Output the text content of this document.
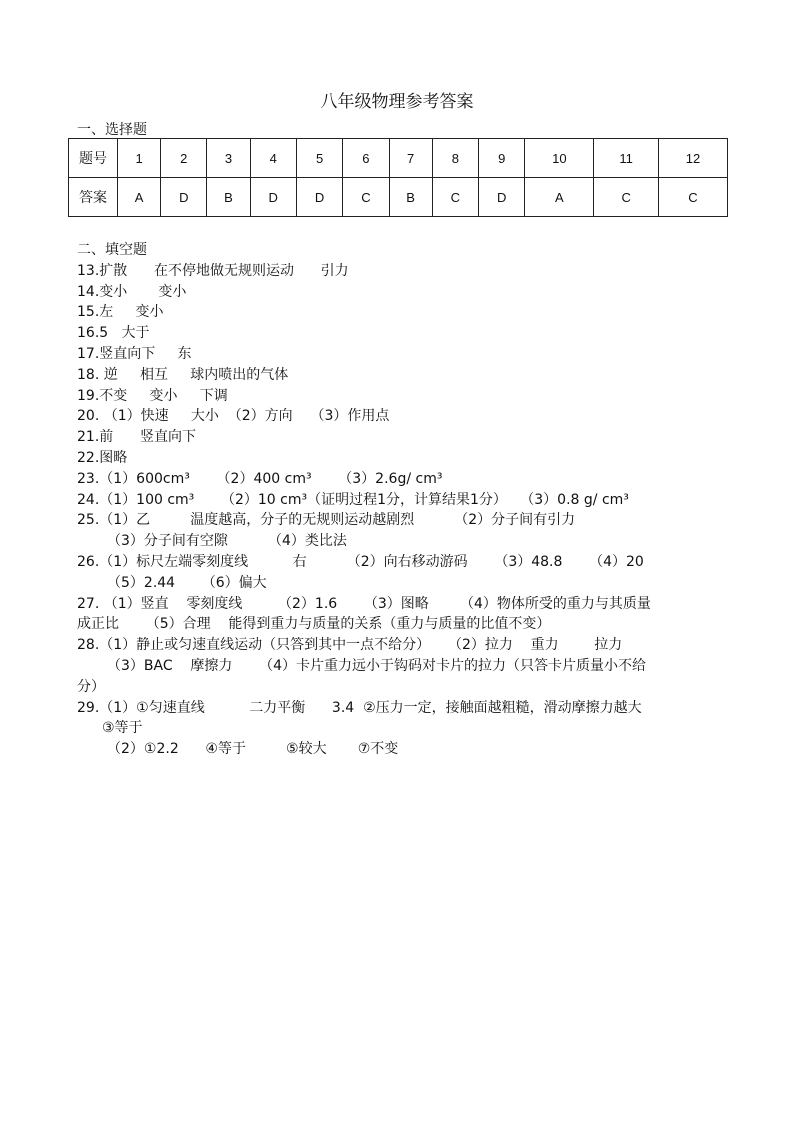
八年级物理参考答案
一、选择题
题号	1	2	3	4	5	6	7	8	9	10	11	12
答案	A	D	B	D	D	C	B	C	D	A	C	C
二、填空题
13.扩散      在不停地做无规则运动      引力
14.变小       变小
15.左     变小
16.5   大于
17.竖直向下     东
18. 逆     相互     球内喷出的气体
19.不变     变小     下调
20. （1）快速     大小  （2）方向    （3）作用点
21.前      竖直向下
22.图略
23.（1）600cm³      （2）400 cm³      （3）2.6g/ cm³
24.（1）100 cm³      （2）10 cm³（证明过程1分，计算结果1分）   （3）0.8 g/ cm³
25.（1）乙         温度越高，分子的无规则运动越剧烈         （2）分子间有引力
（3）分子间有空隙         （4）类比法
26.（1）标尺左端零刻度线          右         （2）向右移动游码      （3）48.8      （4）20
（5）2.44      （6）偏大
27. （1）竖直    零刻度线        （2）1.6      （3）图略       （4）物体所受的重力与其质量
成正比      （5）合理    能得到重力与质量的关系（重力与质量的比值不变）
28.（1）静止或匀速直线运动（只答到其中一点不给分）    （2）拉力    重力        拉力
（3）BAC    摩擦力      （4）卡片重力远小于钩码对卡片的拉力（只答卡片质量小不给
分）
29.（1）①匀速直线          二力平衡      3.4  ②压力一定，接触面越粗糙，滑动摩擦力越大
③等于
（2）①2.2      ④等于         ⑤较大       ⑦不变
